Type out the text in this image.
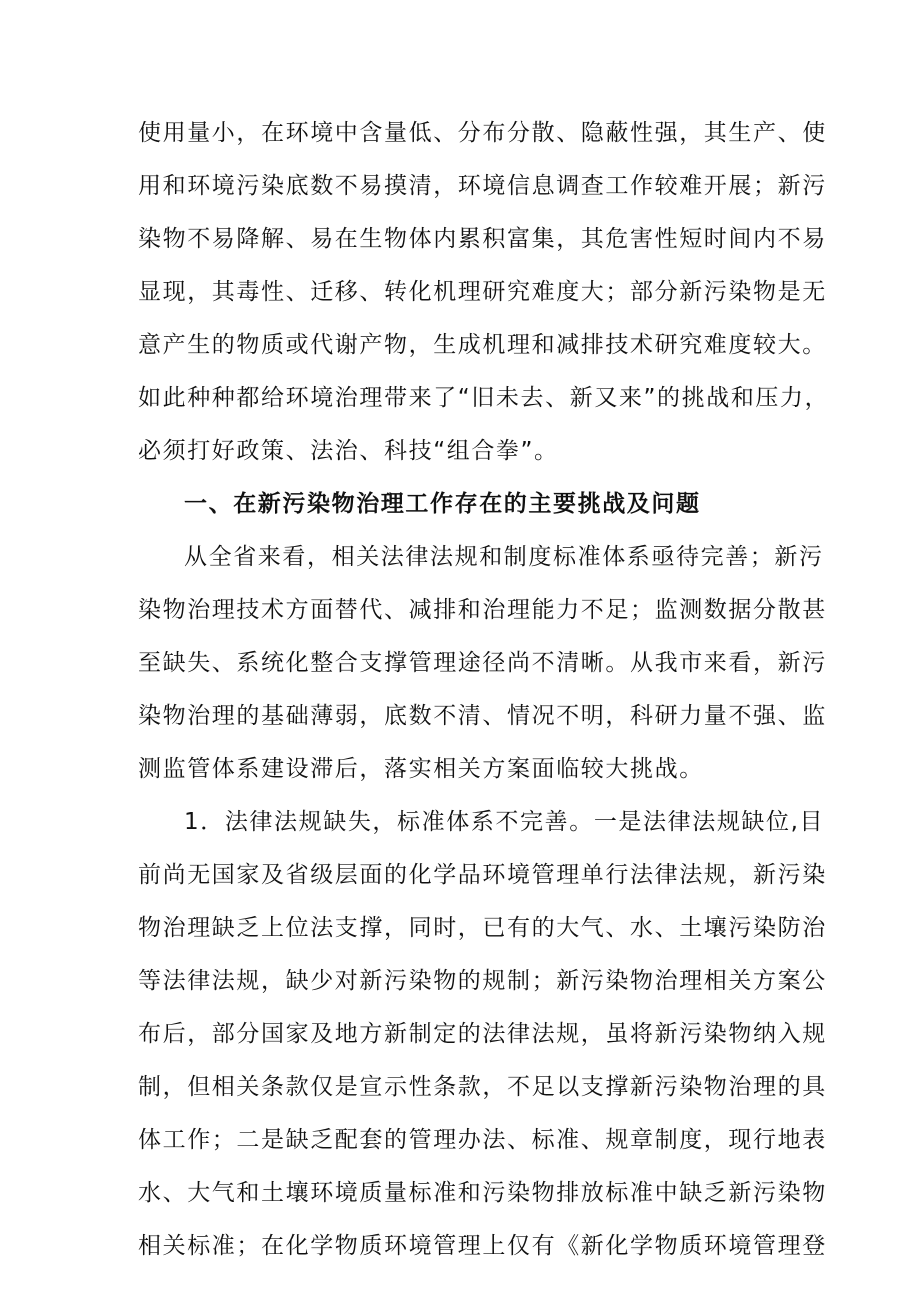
使用量小，在环境中含量低、分布分散、隐蔽性强，其生产、使
用和环境污染底数不易摸清，环境信息调查工作较难开展；新污
染物不易降解、易在生物体内累积富集，其危害性短时间内不易
显现，其毒性、迁移、转化机理研究难度大；部分新污染物是无
意产生的物质或代谢产物，生成机理和减排技术研究难度较大。
如此种种都给环境治理带来了“旧未去、新又来”的挑战和压力，
必须打好政策、法治、科技“组合拳”。
一、在新污染物治理工作存在的主要挑战及问题
从全省来看，相关法律法规和制度标准体系亟待完善；新污
染物治理技术方面替代、减排和治理能力不足；监测数据分散甚
至缺失、系统化整合支撑管理途径尚不清晰。从我市来看，新污
染物治理的基础薄弱，底数不清、情况不明，科研力量不强、监
测监管体系建设滞后，落实相关方案面临较大挑战。
1．法律法规缺失，标准体系不完善。一是法律法规缺位,目
前尚无国家及省级层面的化学品环境管理单行法律法规，新污染
物治理缺乏上位法支撑，同时，已有的大气、水、土壤污染防治
等法律法规，缺少对新污染物的规制；新污染物治理相关方案公
布后，部分国家及地方新制定的法律法规，虽将新污染物纳入规
制，但相关条款仅是宣示性条款，不足以支撑新污染物治理的具
体工作；二是缺乏配套的管理办法、标准、规章制度，现行地表
水、大气和土壤环境质量标准和污染物排放标准中缺乏新污染物
相关标准；在化学物质环境管理上仅有《新化学物质环境管理登
